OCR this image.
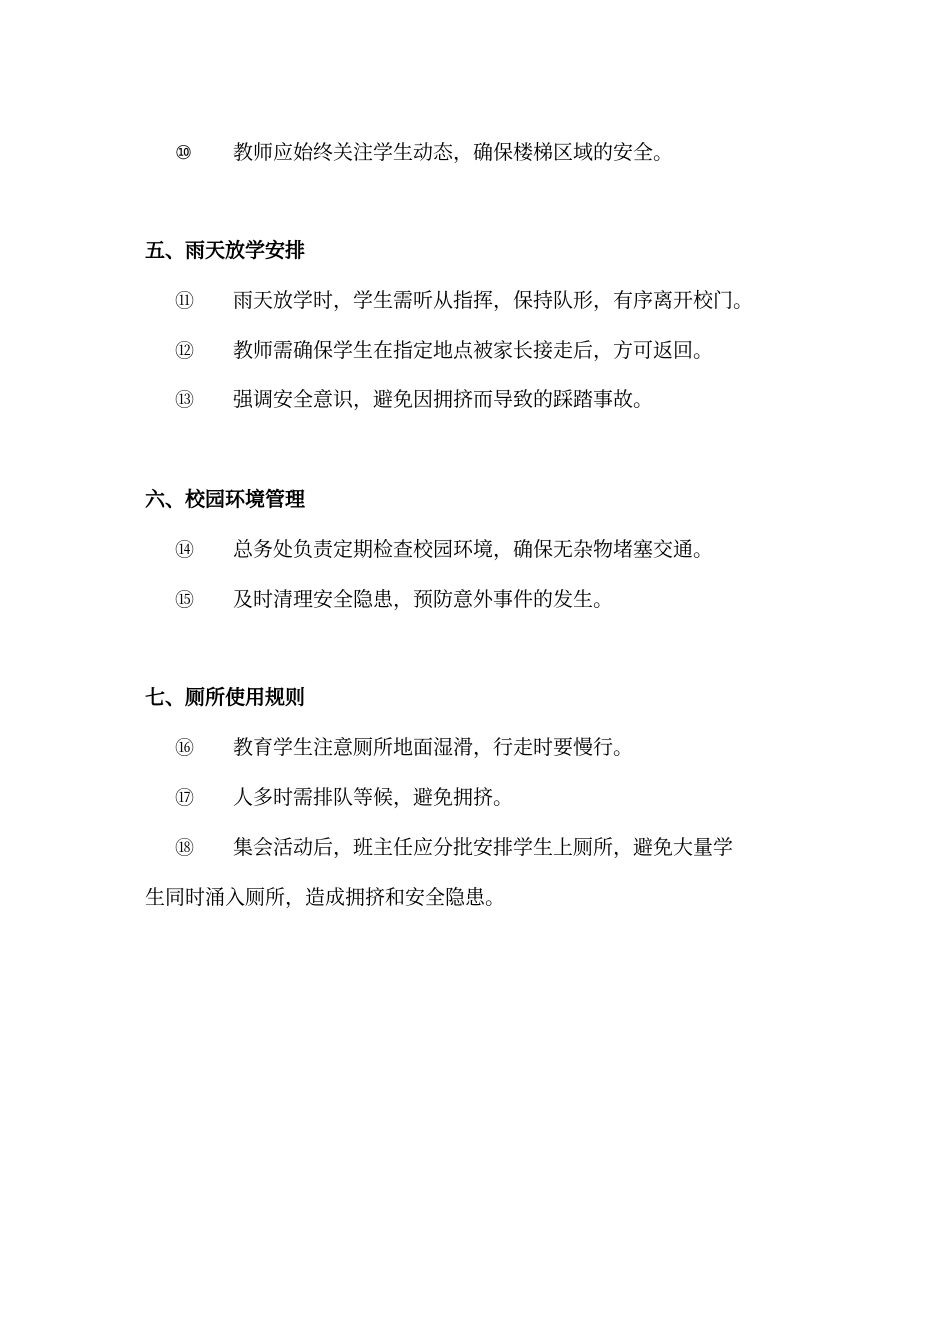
⑩ 教师应始终关注学生动态，确保楼梯区域的安全。
五、雨天放学安排
⑪ 雨天放学时，学生需听从指挥，保持队形，有序离开校门。
⑫ 教师需确保学生在指定地点被家长接走后，方可返回。
⑬ 强调安全意识，避免因拥挤而导致的踩踏事故。
六、校园环境管理
⑭ 总务处负责定期检查校园环境，确保无杂物堵塞交通。
⑮ 及时清理安全隐患，预防意外事件的发生。
七、厕所使用规则
⑯ 教育学生注意厕所地面湿滑，行走时要慢行。
⑰ 人多时需排队等候，避免拥挤。
⑱ 集会活动后，班主任应分批安排学生上厕所，避免大量学
生同时涌入厕所，造成拥挤和安全隐患。
